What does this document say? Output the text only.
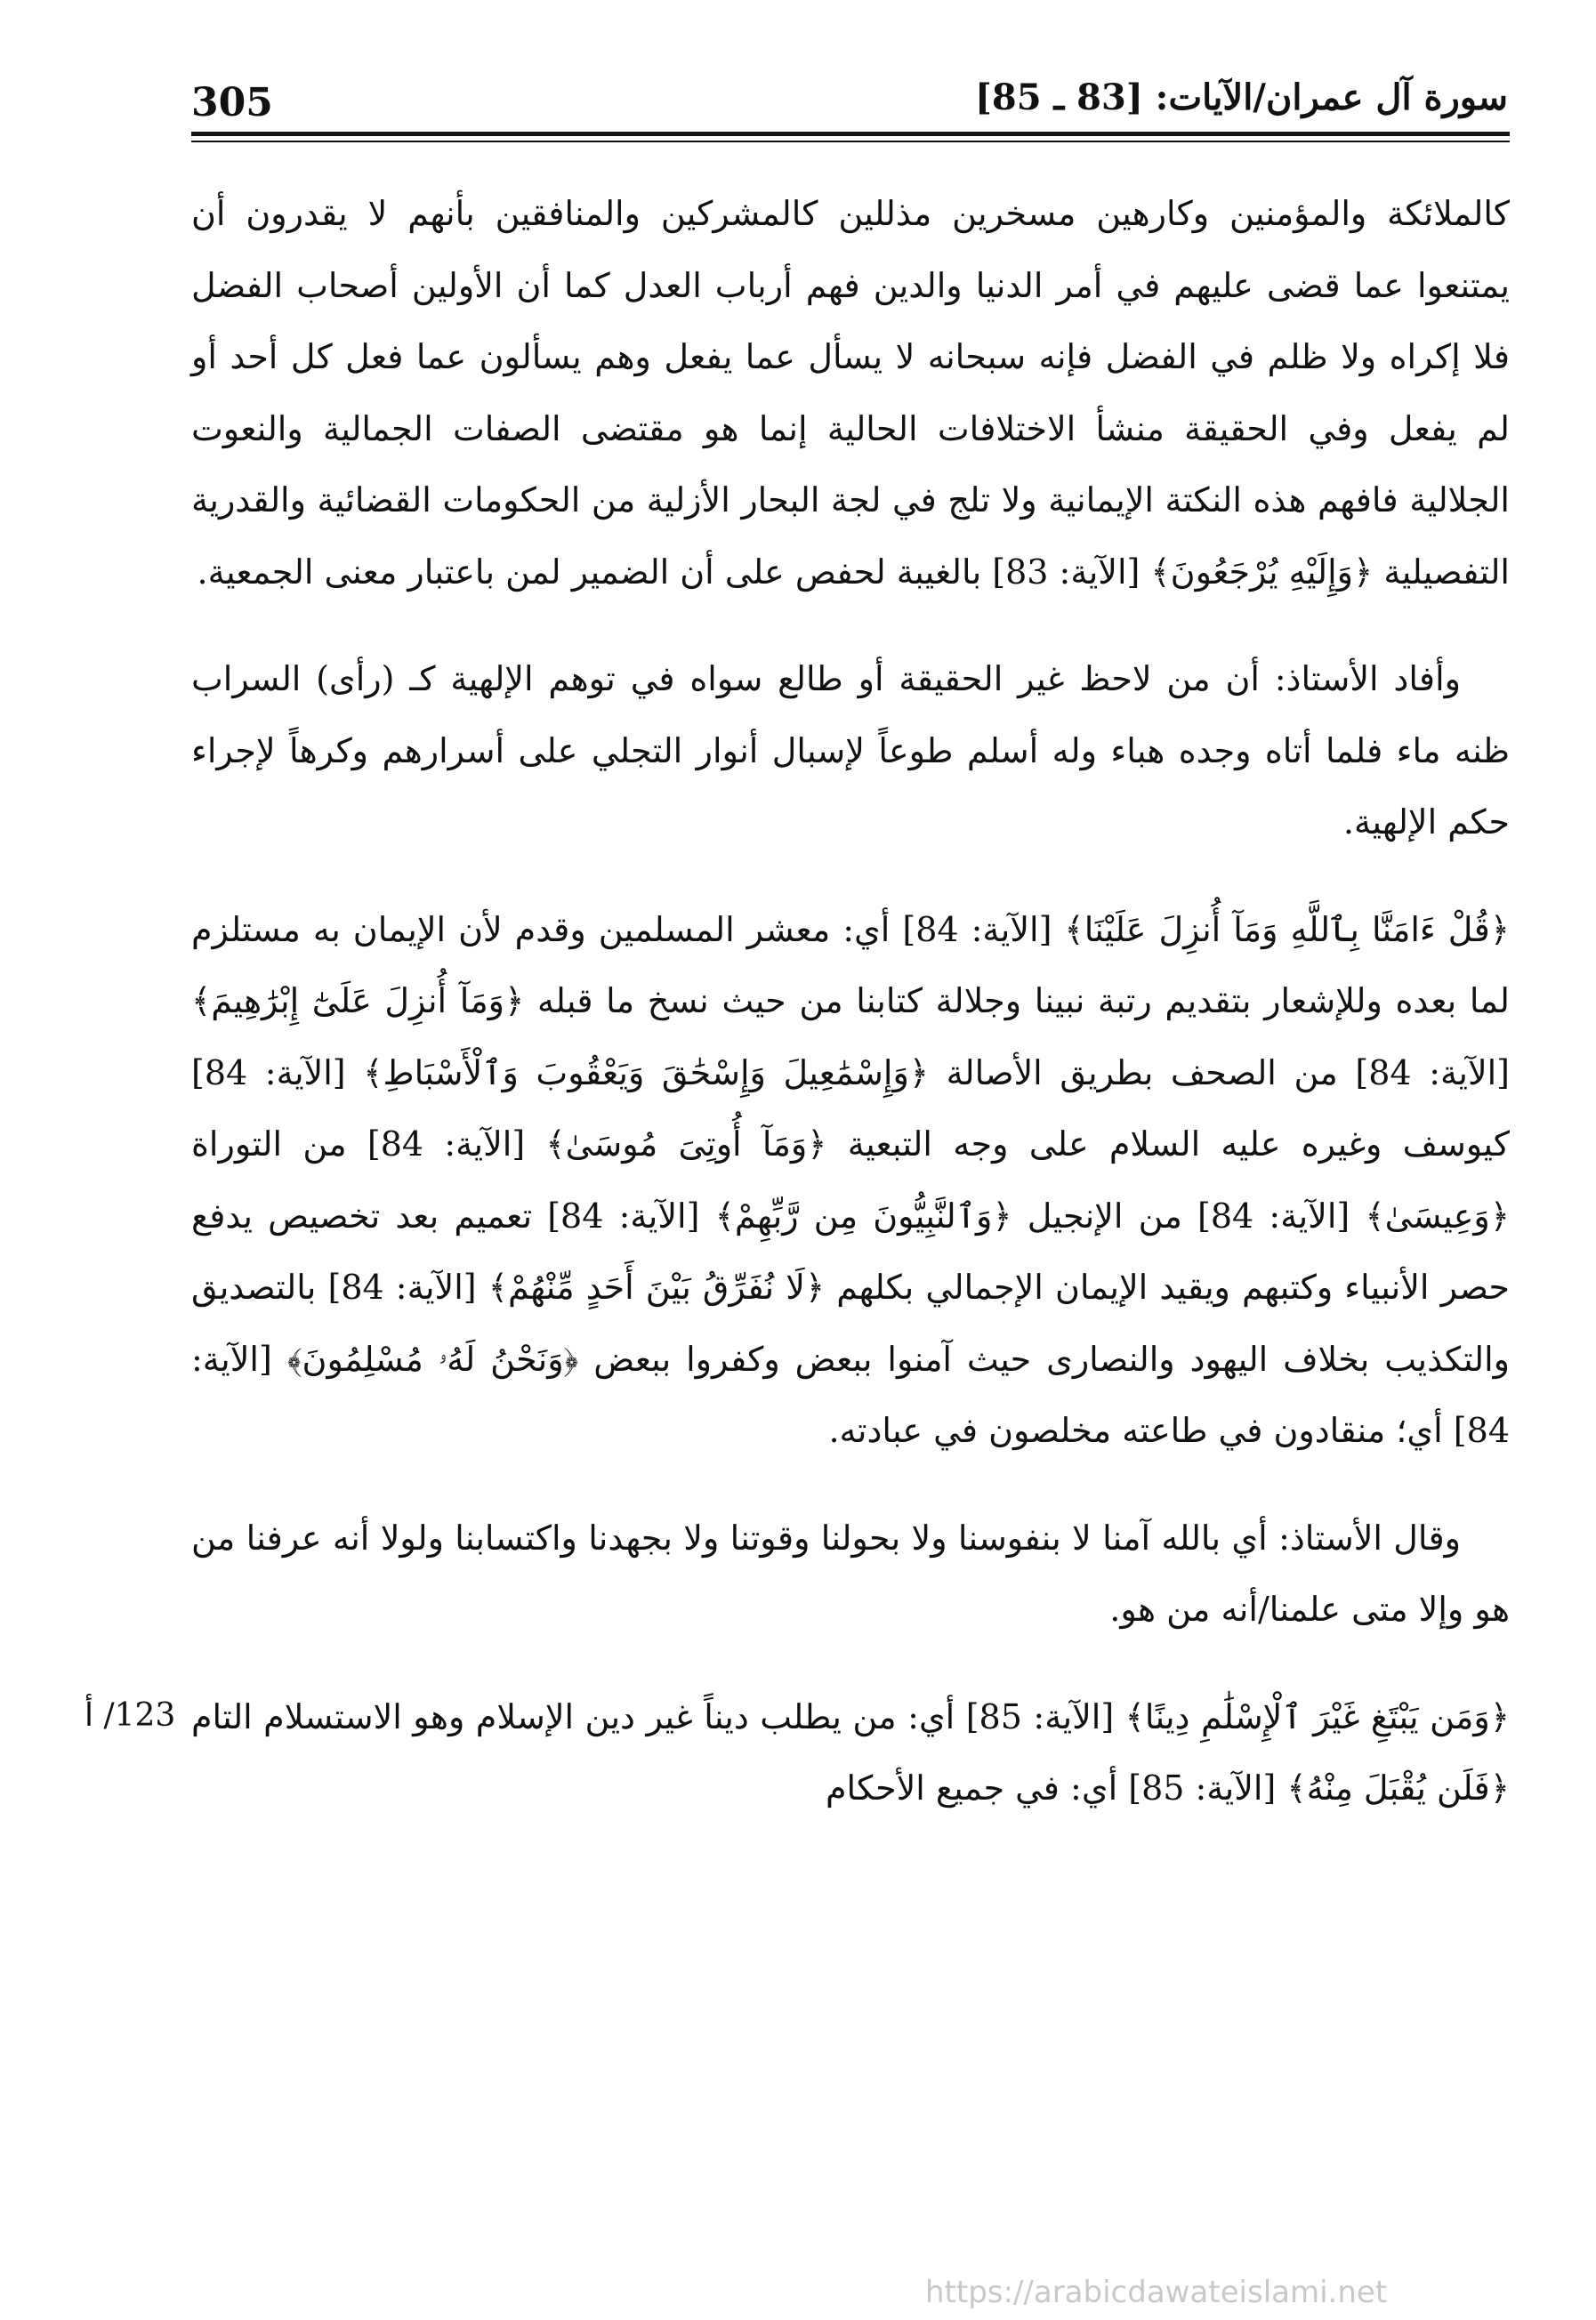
305	سورة آل عمران/الآيات: [83 ـ 85]

كالملائكة والمؤمنين وكارهين مسخرين مذللين كالمشركين والمنافقين بأنهم لا يقدرون أن يمتنعوا عما قضى عليهم في أمر الدنيا والدين فهم أرباب العدل كما أن الأولين أصحاب الفضل فلا إكراه ولا ظلم في الفضل فإنه سبحانه لا يسأل عما يفعل وهم يسألون عما فعل كل أحد أو لم يفعل وفي الحقيقة منشأ الاختلافات الحالية إنما هو مقتضى الصفات الجمالية والنعوت الجلالية فافهم هذه النكتة الإيمانية ولا تلج في لجة البحار الأزلية من الحكومات القضائية والقدرية التفصيلية ﴿وَإِلَيْهِ يُرْجَعُونَ﴾ [الآية: 83] بالغيبة لحفص على أن الضمير لمن باعتبار معنى الجمعية.

وأفاد الأستاذ: أن من لاحظ غير الحقيقة أو طالع سواه في توهم الإلهية كـ (رأى) السراب ظنه ماء فلما أتاه وجده هباء وله أسلم طوعاً لإسبال أنوار التجلي على أسرارهم وكرهاً لإجراء حكم الإلهية.

﴿قُلْ ءَامَنَّا بِٱللَّهِ وَمَآ أُنزِلَ عَلَيْنَا﴾ [الآية: 84] أي: معشر المسلمين وقدم لأن الإيمان به مستلزم لما بعده وللإشعار بتقديم رتبة نبينا وجلالة كتابنا من حيث نسخ ما قبله ﴿وَمَآ أُنزِلَ عَلَىٰٓ إِبْرَٰهِيمَ﴾ [الآية: 84] من الصحف بطريق الأصالة ﴿وَإِسْمَٰعِيلَ وَإِسْحَٰقَ وَيَعْقُوبَ وَٱلْأَسْبَاطِ﴾ [الآية: 84] كيوسف وغيره عليه السلام على وجه التبعية ﴿وَمَآ أُوتِىَ مُوسَىٰ﴾ [الآية: 84] من التوراة ﴿وَعِيسَىٰ﴾ [الآية: 84] من الإنجيل ﴿وَٱلنَّبِيُّونَ مِن رَّبِّهِمْ﴾ [الآية: 84] تعميم بعد تخصيص يدفع حصر الأنبياء وكتبهم ويقيد الإيمان الإجمالي بكلهم ﴿لَا نُفَرِّقُ بَيْنَ أَحَدٍ مِّنْهُمْ﴾ [الآية: 84] بالتصديق والتكذيب بخلاف اليهود والنصارى حيث آمنوا ببعض وكفروا ببعض ﴿وَنَحْنُ لَهُۥ مُسْلِمُونَ﴾ [الآية: 84] أي؛ منقادون في طاعته مخلصون في عبادته.

وقال الأستاذ: أي بالله آمنا لا بنفوسنا ولا بحولنا وقوتنا ولا بجهدنا واكتسابنا ولولا أنه عرفنا من هو وإلا متى علمنا/أنه من هو.

﴿وَمَن يَبْتَغِ غَيْرَ ٱلْإِسْلَٰمِ دِينًا﴾ [الآية: 85] أي: من يطلب ديناً غير دين الإسلام وهو الاستسلام التام ﴿فَلَن يُقْبَلَ مِنْهُ﴾ [الآية: 85] أي: في جميع الأحكام

123/ أ
https://arabicdawateislami.net
